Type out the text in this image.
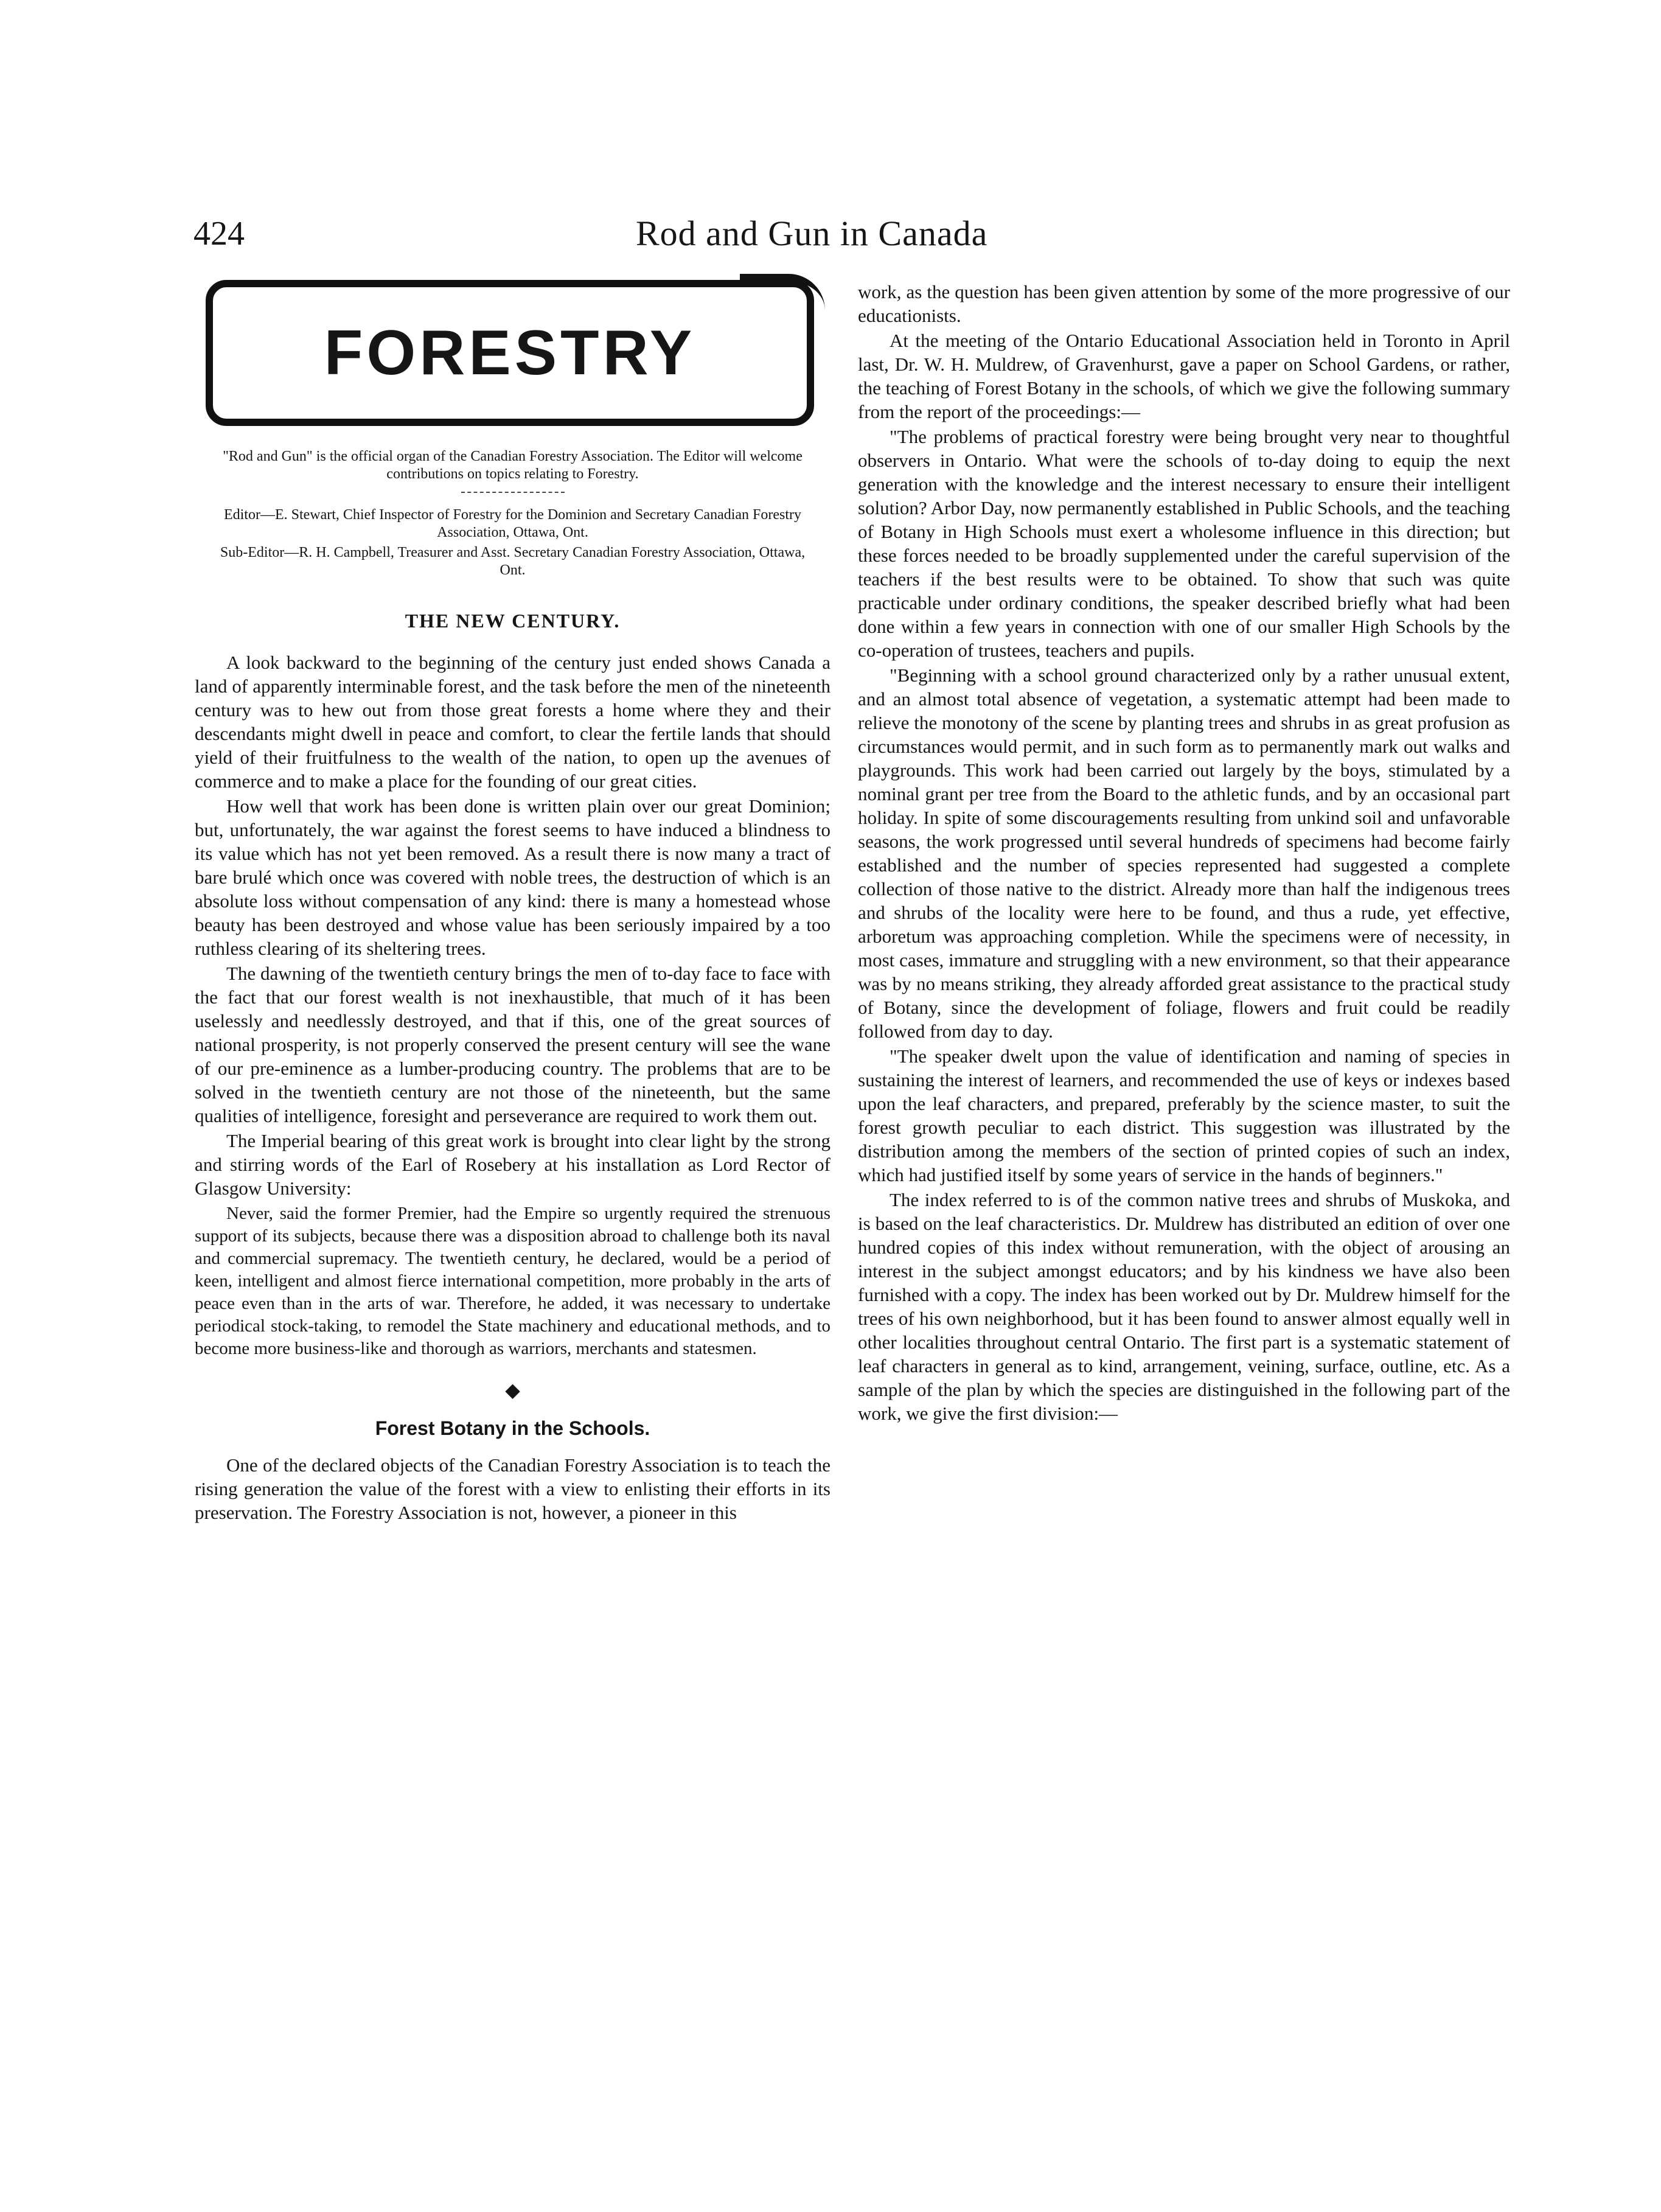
424	Rod and Gun in Canada
FORESTRY

"Rod and Gun" is the official organ of the Canadian Forestry Association. The Editor will welcome contributions on topics relating to Forestry.

Editor—E. Stewart, Chief Inspector of Forestry for the Dominion and Secretary Canadian Forestry Association, Ottawa, Ont.

Sub-Editor—R. H. Campbell, Treasurer and Asst. Secretary Canadian Forestry Association, Ottawa, Ont.

THE NEW CENTURY.

A look backward to the beginning of the century just ended shows Canada a land of apparently interminable forest, and the task before the men of the nineteenth century was to hew out from those great forests a home where they and their descendants might dwell in peace and comfort, to clear the fertile lands that should yield of their fruitfulness to the wealth of the nation, to open up the avenues of commerce and to make a place for the founding of our great cities.

How well that work has been done is written plain over our great Dominion; but, unfortunately, the war against the forest seems to have induced a blindness to its value which has not yet been removed. As a result there is now many a tract of bare brulé which once was covered with noble trees, the destruction of which is an absolute loss without compensation of any kind: there is many a homestead whose beauty has been destroyed and whose value has been seriously impaired by a too ruthless clearing of its sheltering trees.

The dawning of the twentieth century brings the men of to-day face to face with the fact that our forest wealth is not inexhaustible, that much of it has been uselessly and needlessly destroyed, and that if this, one of the great sources of national prosperity, is not properly conserved the present century will see the wane of our pre-eminence as a lumber-producing country. The problems that are to be solved in the twentieth century are not those of the nineteenth, but the same qualities of intelligence, foresight and perseverance are required to work them out.

The Imperial bearing of this great work is brought into clear light by the strong and stirring words of the Earl of Rosebery at his installation as Lord Rector of Glasgow University:

Never, said the former Premier, had the Empire so urgently required the strenuous support of its subjects, because there was a disposition abroad to challenge both its naval and commercial supremacy. The twentieth century, he declared, would be a period of keen, intelligent and almost fierce international competition, more probably in the arts of peace even than in the arts of war. Therefore, he added, it was necessary to undertake periodical stock-taking, to remodel the State machinery and educational methods, and to become more business-like and thorough as warriors, merchants and statesmen.

◆
Forest Botany in the Schools.

One of the declared objects of the Canadian Forestry Association is to teach the rising generation the value of the forest with a view to enlisting their efforts in its preservation. The Forestry Association is not, however, a pioneer in this

work, as the question has been given attention by some of the more progressive of our educationists.

At the meeting of the Ontario Educational Association held in Toronto in April last, Dr. W. H. Muldrew, of Gravenhurst, gave a paper on School Gardens, or rather, the teaching of Forest Botany in the schools, of which we give the following summary from the report of the proceedings:—

"The problems of practical forestry were being brought very near to thoughtful observers in Ontario. What were the schools of to-day doing to equip the next generation with the knowledge and the interest necessary to ensure their intelligent solution? Arbor Day, now permanently established in Public Schools, and the teaching of Botany in High Schools must exert a wholesome influence in this direction; but these forces needed to be broadly supplemented under the careful supervision of the teachers if the best results were to be obtained. To show that such was quite practicable under ordinary conditions, the speaker described briefly what had been done within a few years in connection with one of our smaller High Schools by the co-operation of trustees, teachers and pupils.

"Beginning with a school ground characterized only by a rather unusual extent, and an almost total absence of vegetation, a systematic attempt had been made to relieve the monotony of the scene by planting trees and shrubs in as great profusion as circumstances would permit, and in such form as to permanently mark out walks and playgrounds. This work had been carried out largely by the boys, stimulated by a nominal grant per tree from the Board to the athletic funds, and by an occasional part holiday. In spite of some discouragements resulting from unkind soil and unfavorable seasons, the work progressed until several hundreds of specimens had become fairly established and the number of species represented had suggested a complete collection of those native to the district. Already more than half the indigenous trees and shrubs of the locality were here to be found, and thus a rude, yet effective, arboretum was approaching completion. While the specimens were of necessity, in most cases, immature and struggling with a new environment, so that their appearance was by no means striking, they already afforded great assistance to the practical study of Botany, since the development of foliage, flowers and fruit could be readily followed from day to day.

"The speaker dwelt upon the value of identification and naming of species in sustaining the interest of learners, and recommended the use of keys or indexes based upon the leaf characters, and prepared, preferably by the science master, to suit the forest growth peculiar to each district. This suggestion was illustrated by the distribution among the members of the section of printed copies of such an index, which had justified itself by some years of service in the hands of beginners."

The index referred to is of the common native trees and shrubs of Muskoka, and is based on the leaf characteristics. Dr. Muldrew has distributed an edition of over one hundred copies of this index without remuneration, with the object of arousing an interest in the subject amongst educators; and by his kindness we have also been furnished with a copy. The index has been worked out by Dr. Muldrew himself for the trees of his own neighborhood, but it has been found to answer almost equally well in other localities throughout central Ontario. The first part is a systematic statement of leaf characters in general as to kind, arrangement, veining, surface, outline, etc. As a sample of the plan by which the species are distinguished in the following part of the work, we give the first division:—
